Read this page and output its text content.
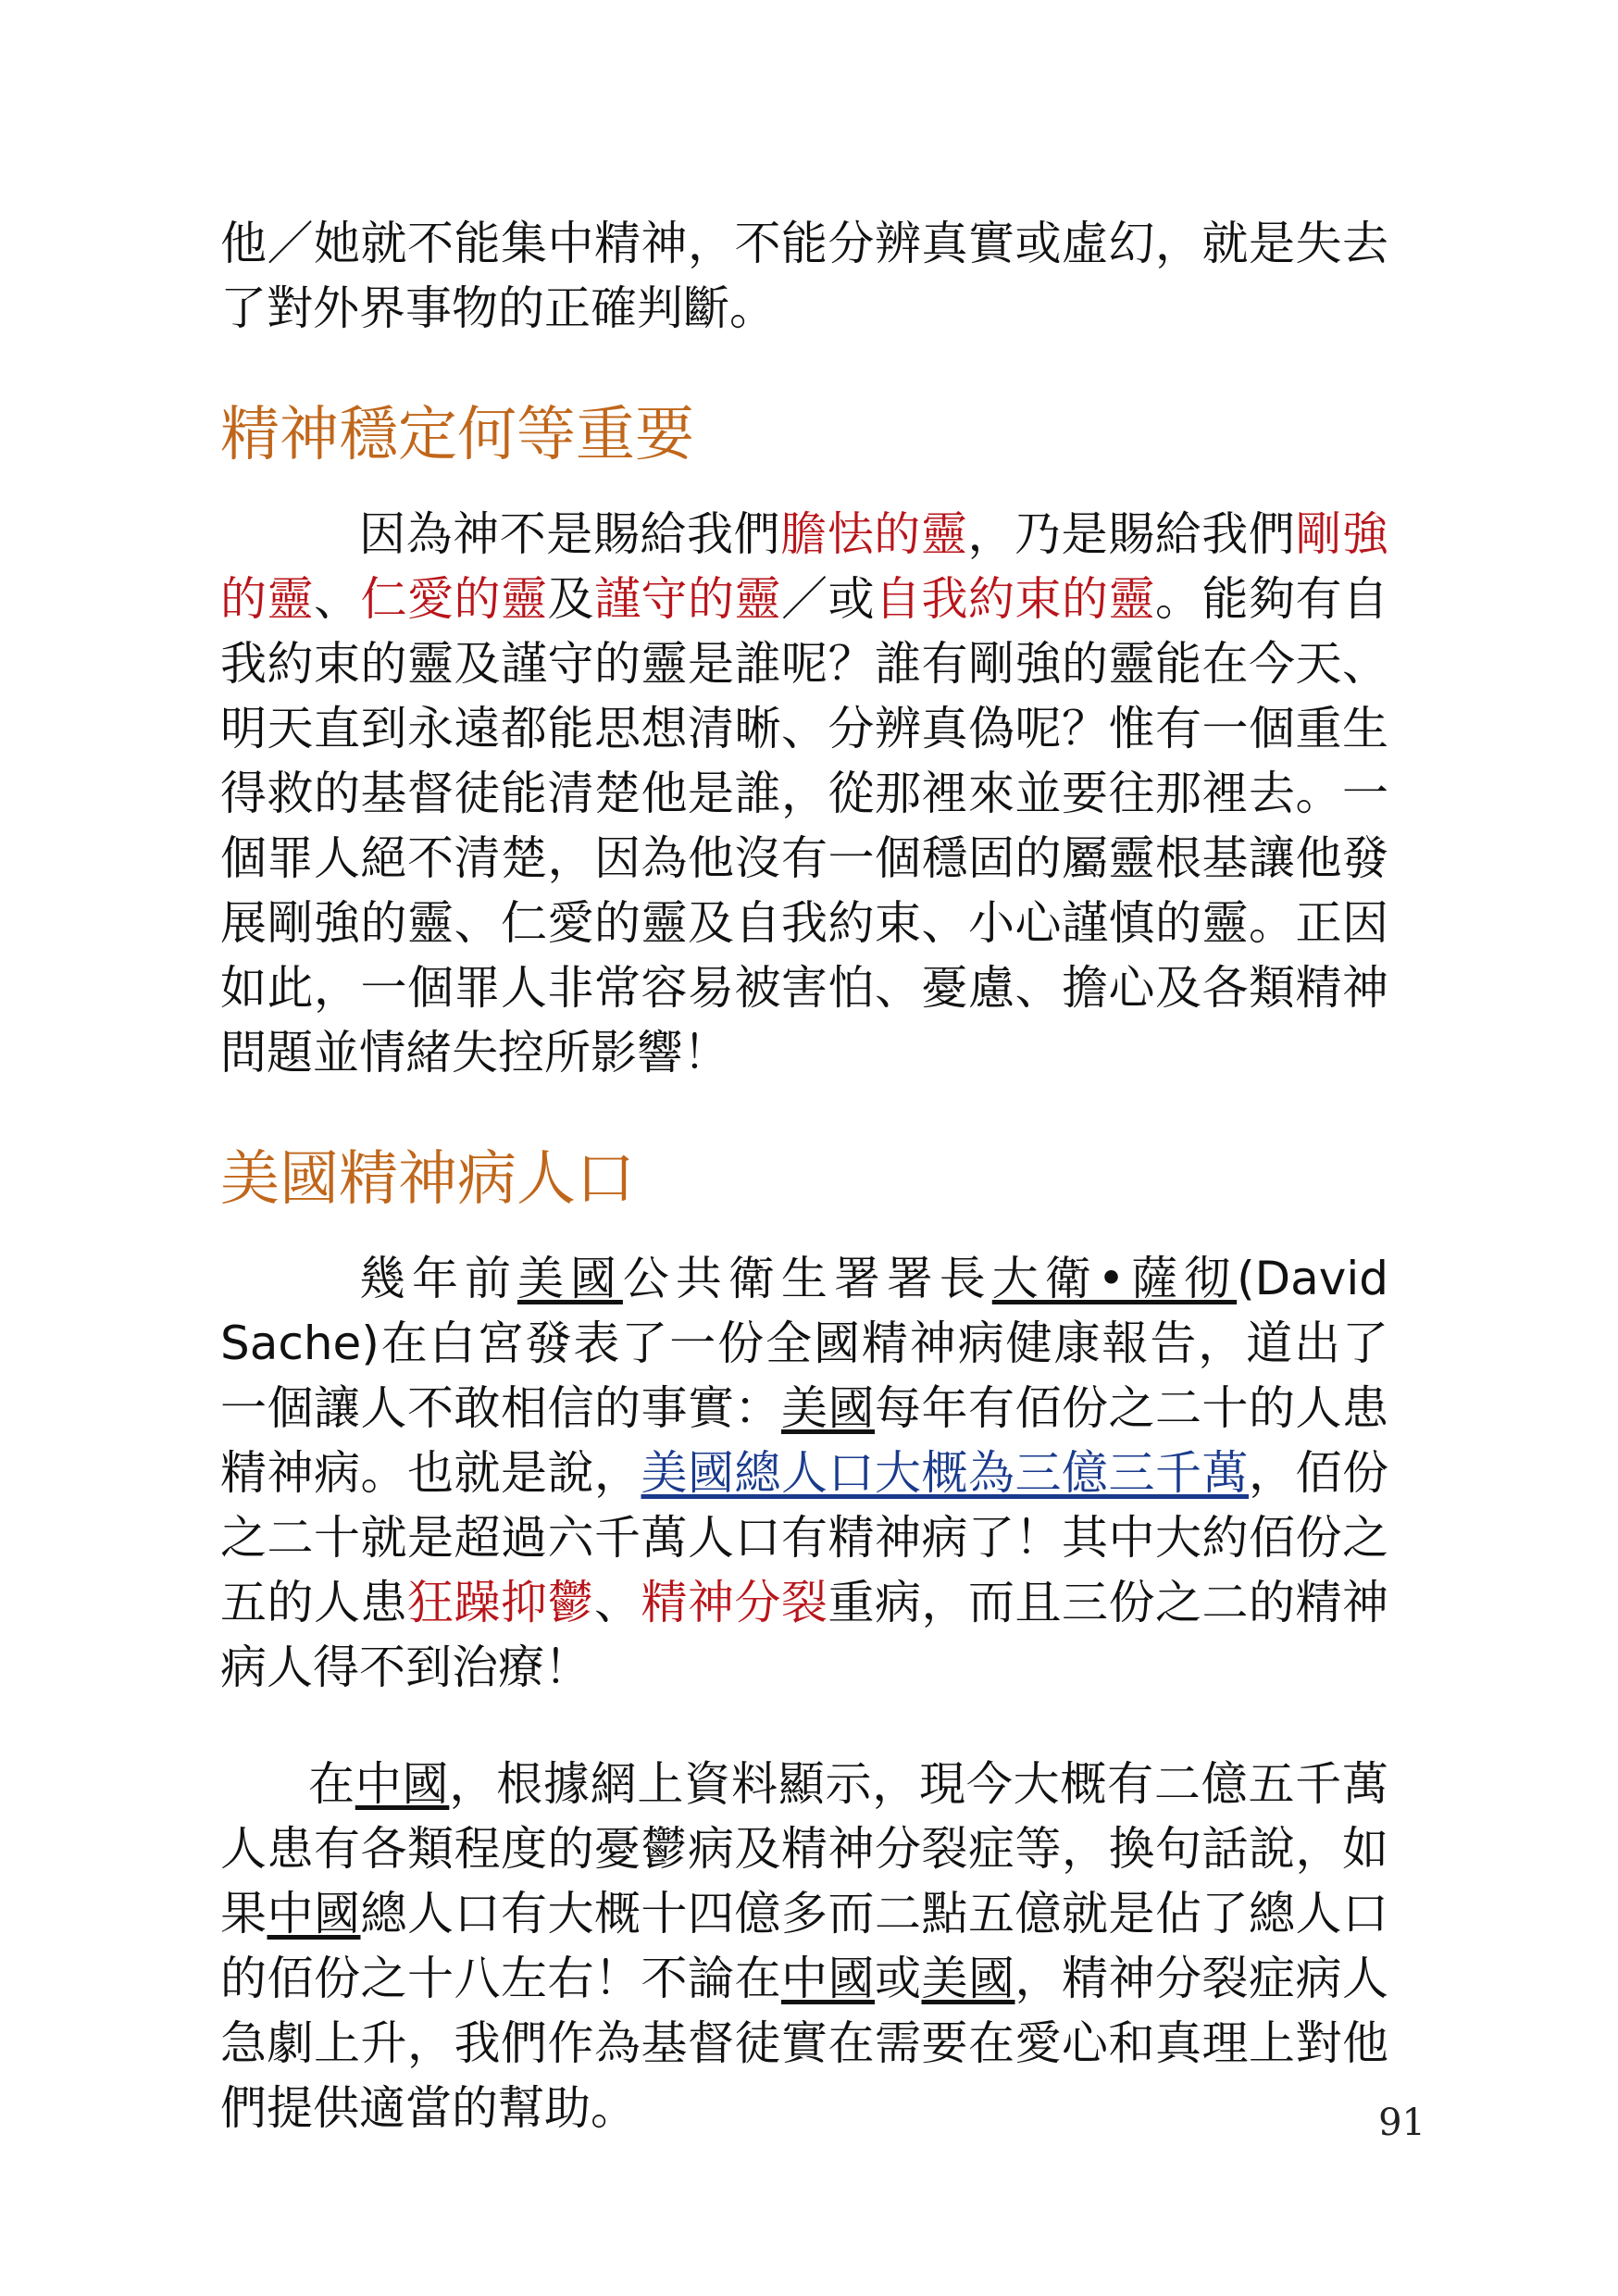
他／她就不能集中精神，不能分辨真實或虛幻，就是失去了對外界事物的正確判斷。

精神穩定何等重要

因為神不是賜給我們膽怯的靈，乃是賜給我們剛強的靈、仁愛的靈及謹守的靈／或自我約束的靈。能夠有自我約束的靈及謹守的靈是誰呢？誰有剛強的靈能在今天、明天直到永遠都能思想清晰、分辨真偽呢？惟有一個重生得救的基督徒能清楚他是誰，從那裡來並要往那裡去。一個罪人絕不清楚，因為他沒有一個穩固的屬靈根基讓他發展剛強的靈、仁愛的靈及自我約束、小心謹慎的靈。正因如此，一個罪人非常容易被害怕、憂慮、擔心及各類精神問題並情緒失控所影響！

美國精神病人口

幾年前美國公共衛生署署長大衛•薩彻(David Sache)在白宮發表了一份全國精神病健康報告，道出了一個讓人不敢相信的事實：美國每年有佰份之二十的人患精神病。也就是說，美國總人口大概為三億三千萬，佰份之二十就是超過六千萬人口有精神病了！其中大約佰份之五的人患狂躁抑鬱、精神分裂重病，而且三份之二的精神病人得不到治療！

在中國，根據網上資料顯示，現今大概有二億五千萬人患有各類程度的憂鬱病及精神分裂症等，換句話說，如果中國總人口有大概十四億多而二點五億就是佔了總人口的佰份之十八左右！不論在中國或美國，精神分裂症病人急劇上升，我們作為基督徒實在需要在愛心和真理上對他們提供適當的幫助。	91
